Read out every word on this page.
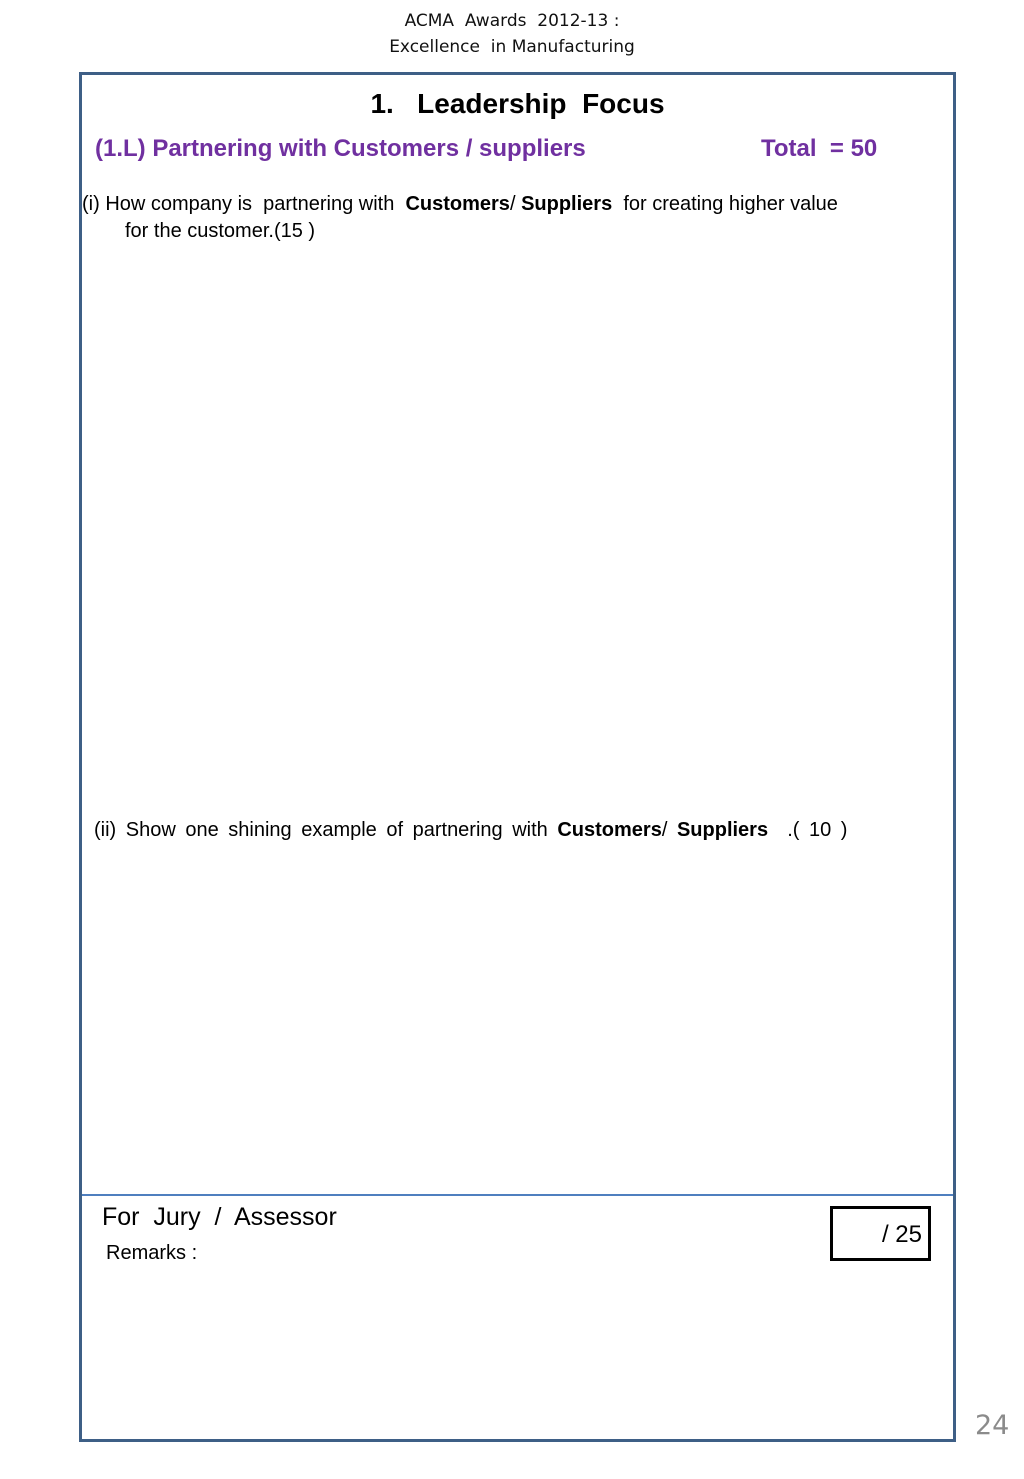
ACMA  Awards  2012-13 :
Excellence  in Manufacturing
1.   Leadership  Focus
(1.L) Partnering with Customers / suppliers	Total  = 50
(i) How company is  partnering with  Customers/ Suppliers  for creating higher value
for the customer.(15 )
(ii) Show one shining example of partnering with Customers/ Suppliers  .( 10 )
For  Jury  /  Assessor
Remarks :
/ 25
24
